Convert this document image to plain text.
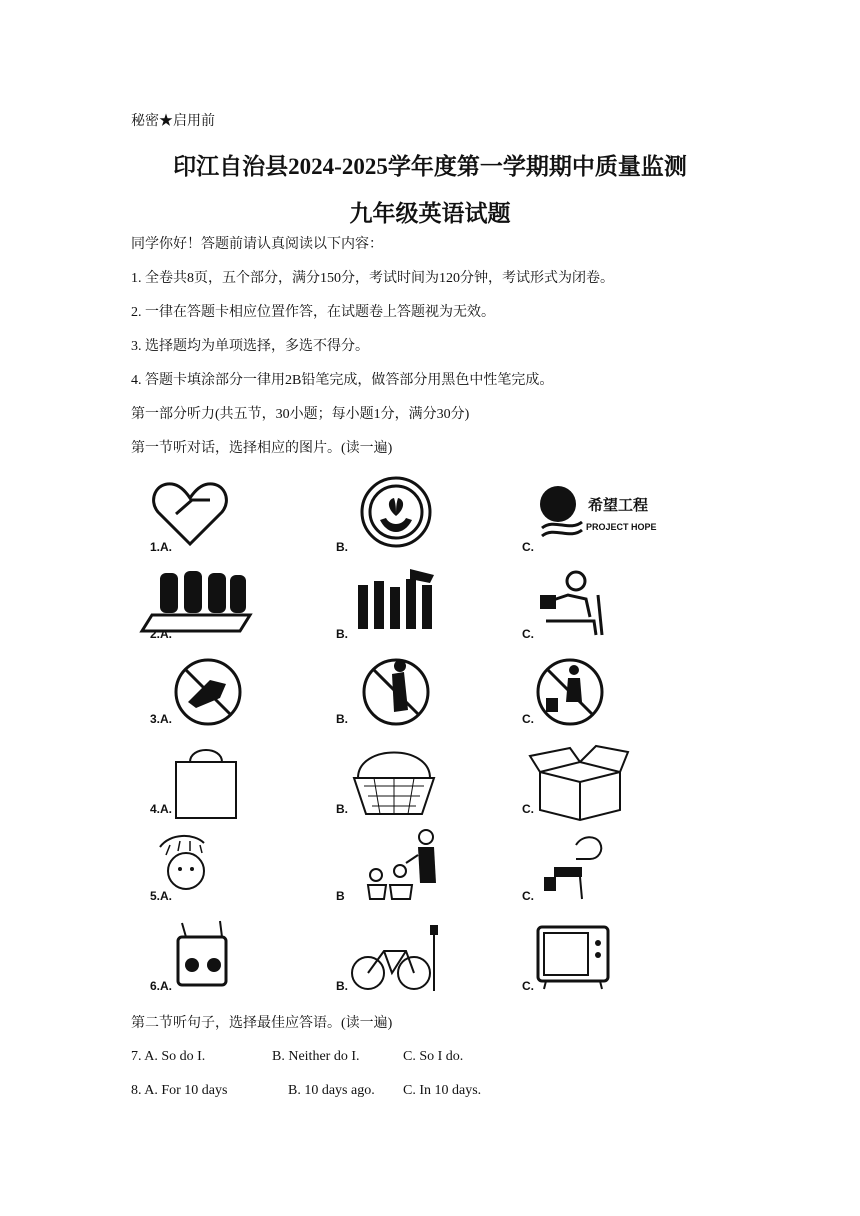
秘密★启用前
印江自治县2024-2025学年度第一学期期中质量监测
九年级英语试题
同学你好！答题前请认真阅读以下内容：
1. 全卷共8页，五个部分，满分150分，考试时间为120分钟，考试形式为闭卷。
2. 一律在答题卡相应位置作答，在试题卷上答题视为无效。
3. 选择题均为单项选择，多选不得分。
4. 答题卡填涂部分一律用2B铅笔完成，做答部分用黑色中性笔完成。
第一部分听力(共五节，30小题；每小题1分，满分30分)
第一节听对话，选择相应的图片。(读一遍)
1.A.	B.
希望工程
PROJECT HOPE
C.
2.A.	B.	C.
3.A.	B.	C.
4.A.	B.	C.
5.A.	B	C.
6.A.	B.	C.
第二节听句子，选择最佳应答语。(读一遍)
7. A. So do I.	B. Neither do I.	C. So I do.
8. A. For 10 days	B. 10 days ago. C. In 10 days.
